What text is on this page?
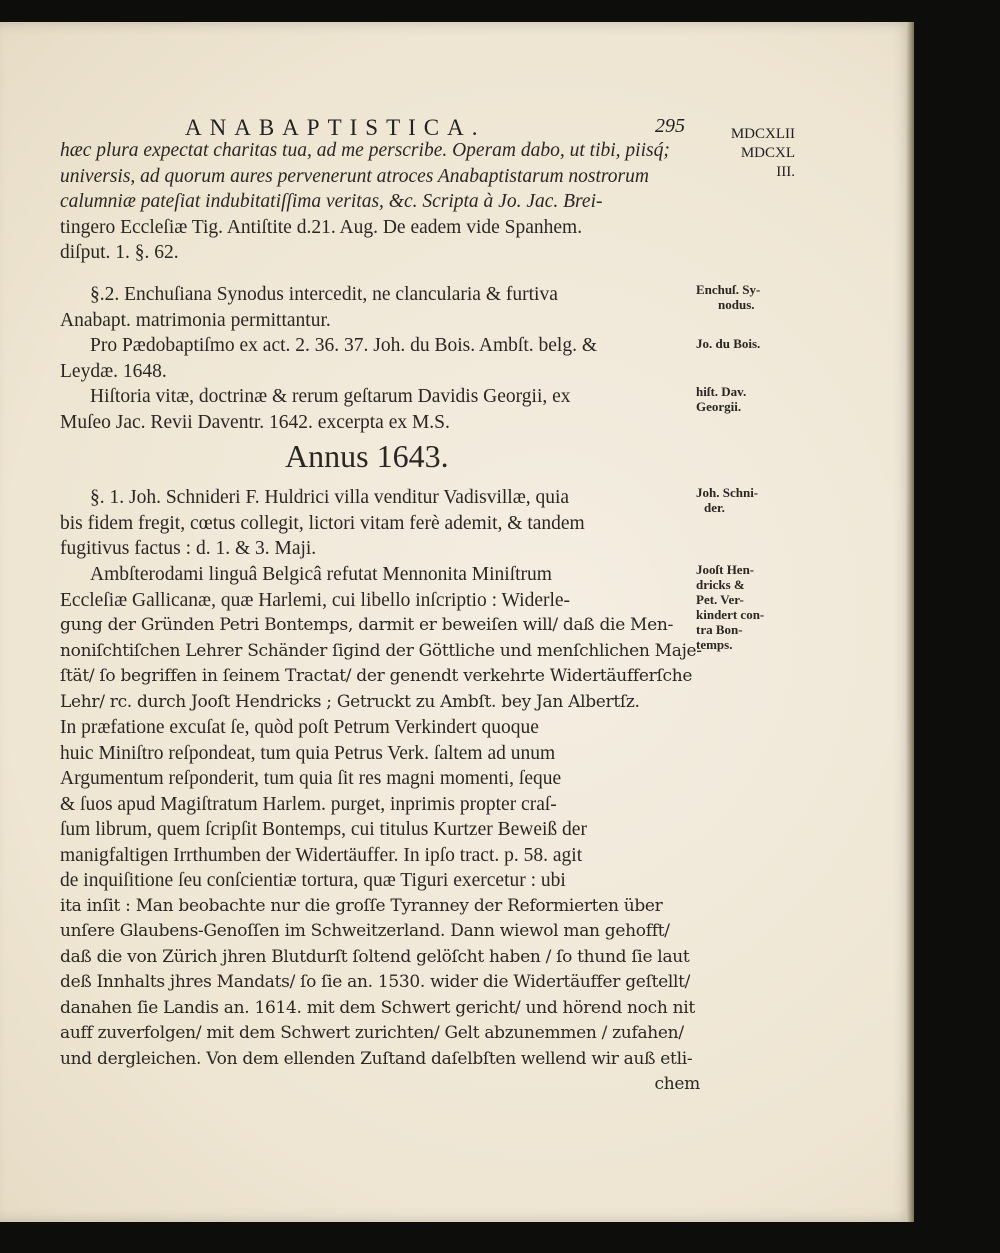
ANABAPTISTICA.	295	MDCXLII
MDCXL
III.
hæc plura expectat charitas tua, ad me perscribe. Operam dabo, ut tibi, piisq́;
universis, ad quorum aures pervenerunt atroces Anabaptistarum nostrorum
calumniæ pateſiat indubitatiſſima veritas, &c. Scripta à Jo. Jac. Brei-
tingero Eccleſiæ Tig. Antiſtite d.21. Aug. De eadem vide Spanhem.
diſput. 1. §. 62.
§.2. Enchuſiana Synodus intercedit, ne clancularia & furtiva
Anabapt. matrimonia permittantur.
Enchuſ. Sy-
nodus.
Pro Pædobaptiſmo ex act. 2. 36. 37. Joh. du Bois. Ambſt. belg. &
Leydæ. 1648.
Jo. du Bois.
Hiſtoria vitæ, doctrinæ & rerum geſtarum Davidis Georgii, ex
Muſeo Jac. Revii Daventr. 1642. excerpta ex M.S.
hiſt. Dav.
Georgii.
Annus 1643.
§. 1. Joh. Schnideri F. Huldrici villa venditur Vadisvillæ, quia
bis fidem fregit, cœtus collegit, lictori vitam ferè ademit, & tandem
fugitivus factus : d. 1. & 3. Maji.
Joh. Schni-
der.
Ambſterodami linguâ Belgicâ refutat Mennonita Miniſtrum
Eccleſiæ Gallicanæ, quæ Harlemi, cui libello inſcriptio : Widerle-
gung der Gründen Petri Bontemps, darmit er beweiſen will/ daß die Men-
noniſchtiſchen Lehrer Schänder ſigind der Göttliche und menſchlichen Maje-
ſtät/ ſo begriffen in ſeinem Tractat/ der genendt verkehrte Widertäufferſche
Lehr/ rc. durch Jooſt Hendricks ; Getruckt zu Ambſt. bey Jan Albertſz.
In præfatione excuſat ſe, quòd poſt Petrum Verkindert quoque
huic Miniſtro reſpondeat, tum quia Petrus Verk. ſaltem ad unum
Argumentum reſponderit, tum quia ſit res magni momenti, ſeque
& ſuos apud Magiſtratum Harlem. purget, inprimis propter craſ-
ſum librum, quem ſcripſit Bontemps, cui titulus Kurtzer Beweiß der
manigfaltigen Irrthumben der Widertäuffer. In ipſo tract. p. 58. agit
de inquiſitione ſeu conſcientiæ tortura, quæ Tiguri exercetur : ubi
ita inſit : Man beobachte nur die groſſe Tyranney der Reformierten über
unſere Glaubens-Genoſſen im Schweitzerland. Dann wiewol man gehofft/
daß die von Zürich jhren Blutdurſt ſoltend gelöſcht haben / ſo thund ſie laut
deß Innhalts jhres Mandats/ ſo ſie an. 1530. wider die Widertäuffer geſtellt/
danahen ſie Landis an. 1614. mit dem Schwert gericht/ und hörend noch nit
auff zuverfolgen/ mit dem Schwert zurichten/ Gelt abzunemmen / zufahen/
und dergleichen. Von dem ellenden Zuſtand daſelbſten wellend wir auß etli-
chem
Jooſt Hen-
dricks &
Pet. Ver-
kindert con-
tra Bon-
temps.
